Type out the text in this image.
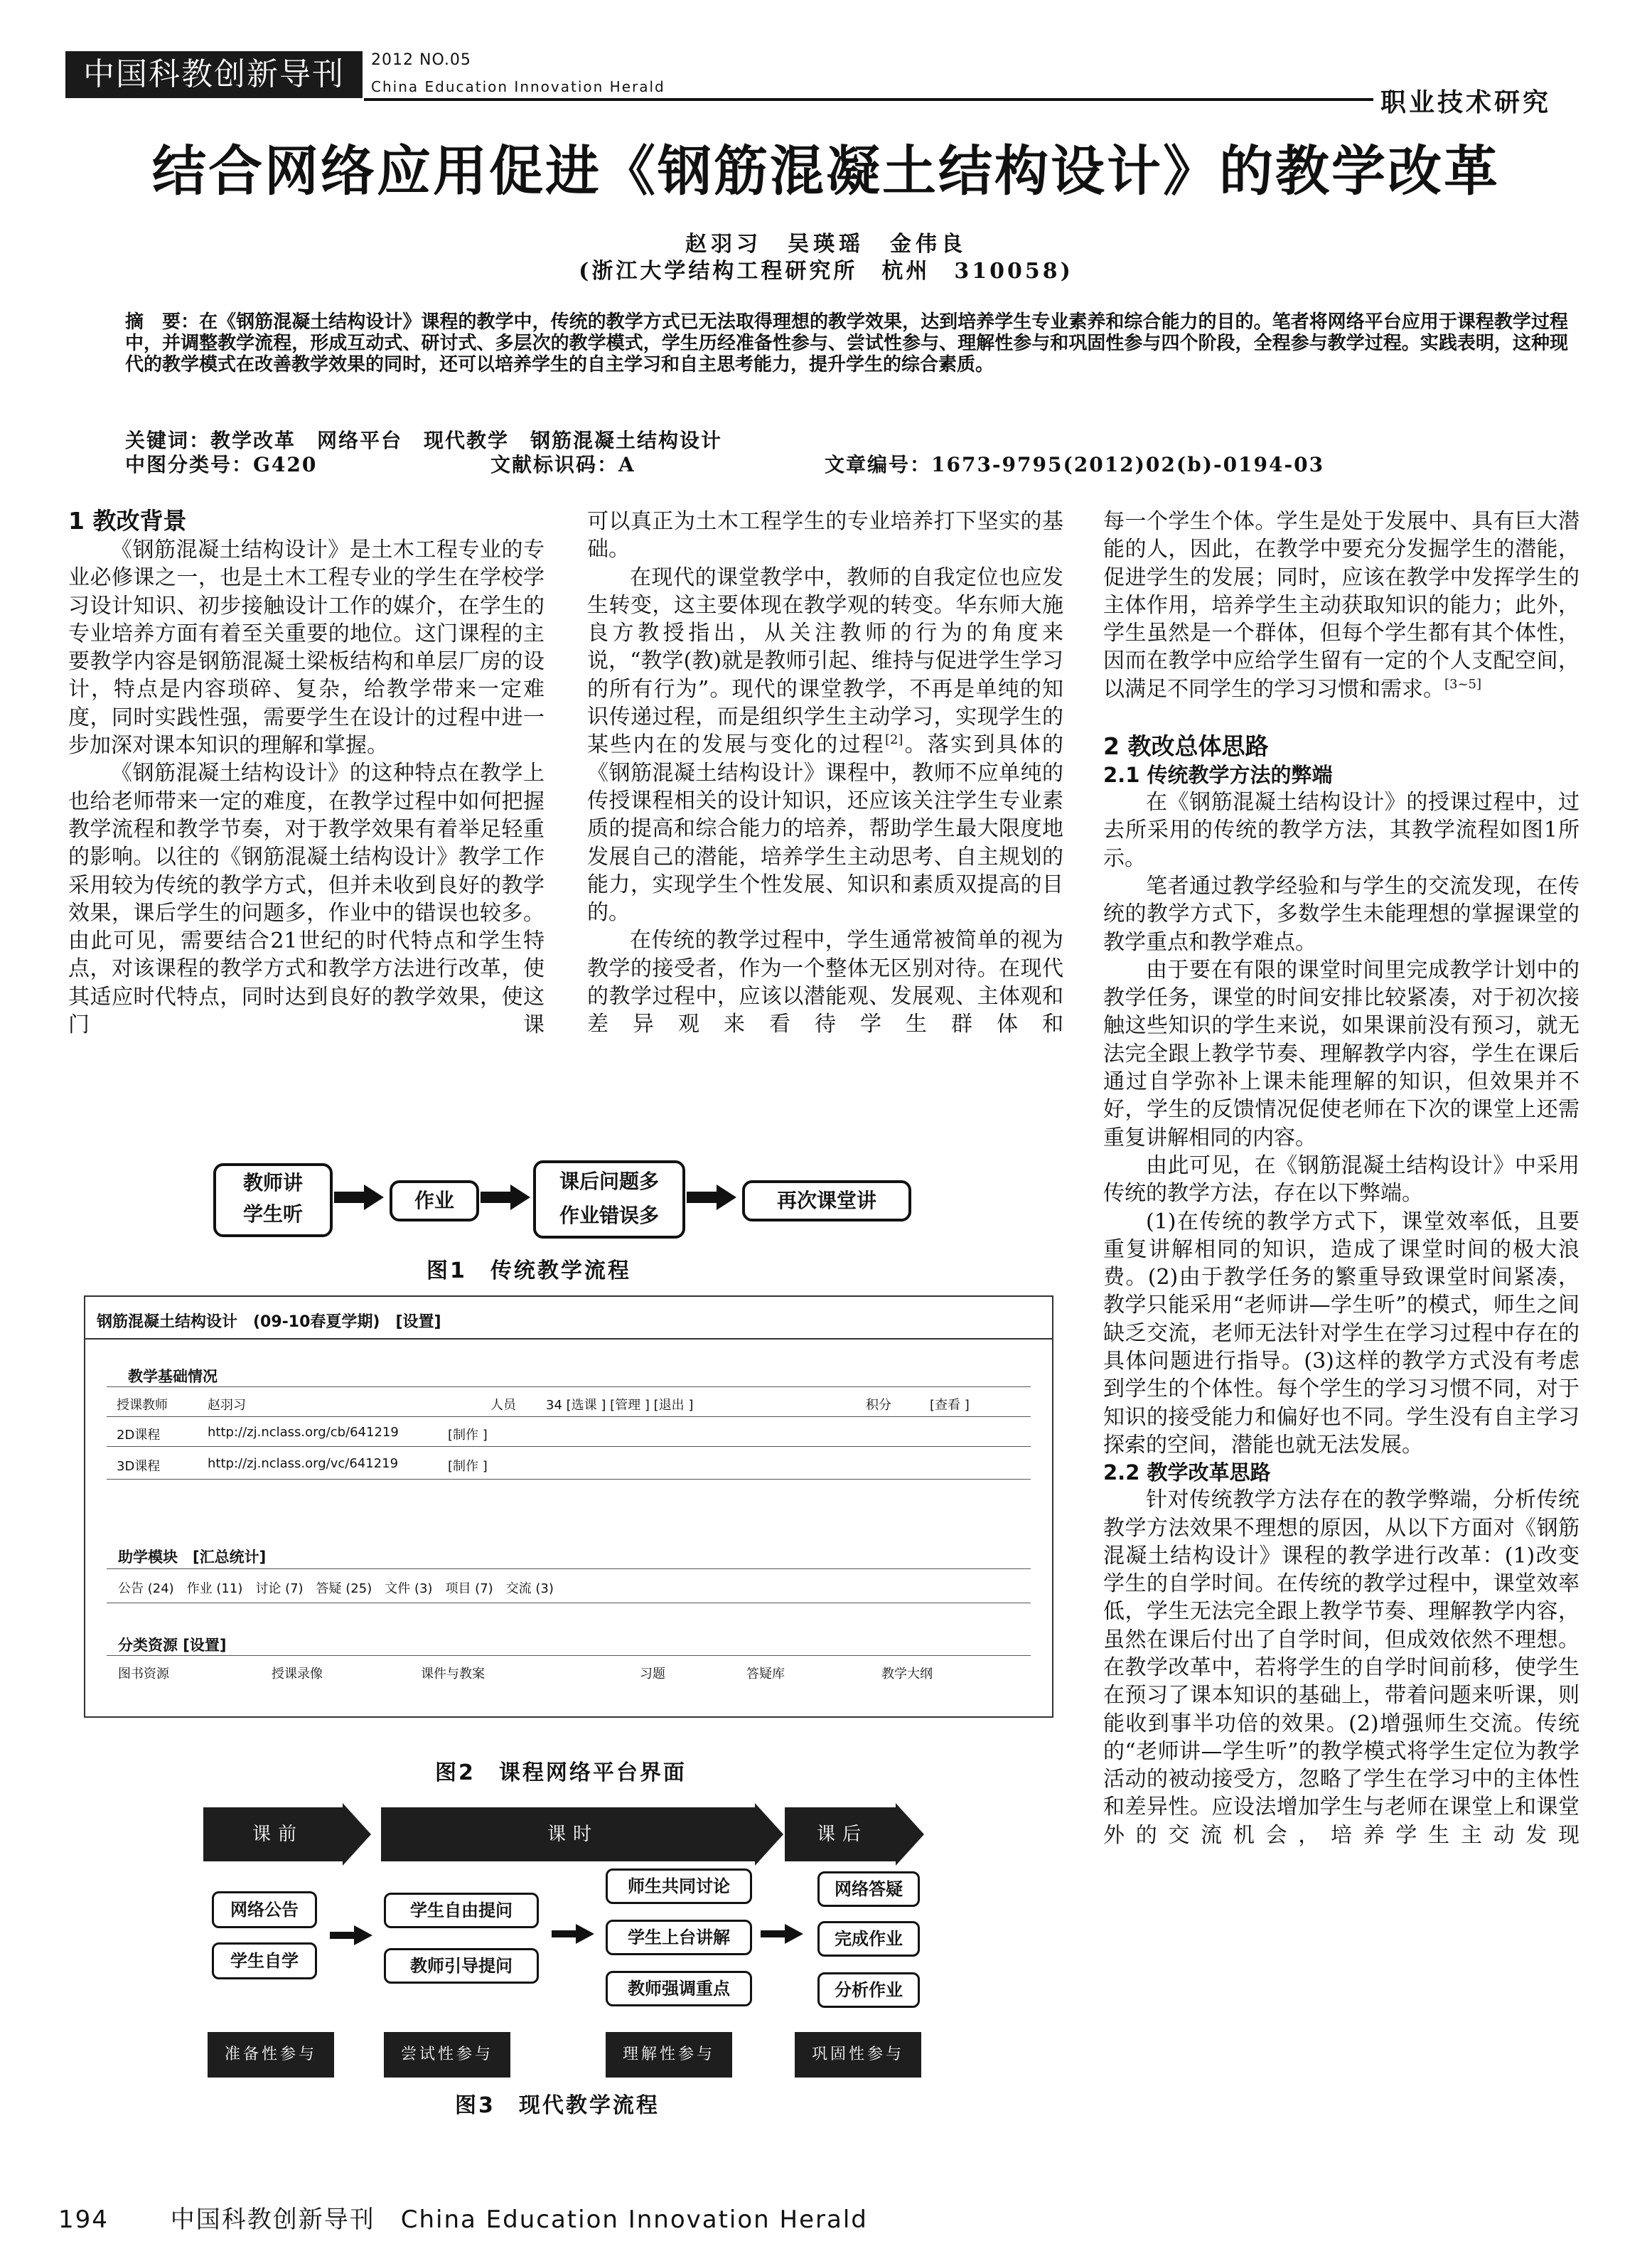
中国科教创新导刊	2012 NO.05
China Education Innovation Herald
职业技术研究
结合网络应用促进《钢筋混凝土结构设计》的教学改革
赵羽习　吴瑛瑶　金伟良
(浙江大学结构工程研究所　杭州　310058)
摘　要：在《钢筋混凝土结构设计》课程的教学中，传统的教学方式已无法取得理想的教学效果，达到培养学生专业素养和综合能力的目的。笔者将网络平台应用于课程教学过程中，并调整教学流程，形成互动式、研讨式、多层次的教学模式，学生历经准备性参与、尝试性参与、理解性参与和巩固性参与四个阶段，全程参与教学过程。实践表明，这种现代的教学模式在改善教学效果的同时，还可以培养学生的自主学习和自主思考能力，提升学生的综合素质。
关键词：教学改革　网络平台　现代教学　钢筋混凝土结构设计
中图分类号：G420	文献标识码：A	文章编号：1673-9795(2012)02(b)-0194-03
1 教改背景

《钢筋混凝土结构设计》是土木工程专业的专业必修课之一，也是土木工程专业的学生在学校学习设计知识、初步接触设计工作的媒介，在学生的专业培养方面有着至关重要的地位。这门课程的主要教学内容是钢筋混凝土梁板结构和单层厂房的设计，特点是内容琐碎、复杂，给教学带来一定难度，同时实践性强，需要学生在设计的过程中进一步加深对课本知识的理解和掌握。

《钢筋混凝土结构设计》的这种特点在教学上也给老师带来一定的难度，在教学过程中如何把握教学流程和教学节奏，对于教学效果有着举足轻重的影响。以往的《钢筋混凝土结构设计》教学工作采用较为传统的教学方式，但并未收到良好的教学效果，课后学生的问题多，作业中的错误也较多。由此可见，需要结合21世纪的时代特点和学生特点，对该课程的教学方式和教学方法进行改革，使其适应时代特点，同时达到良好的教学效果，使这门课

可以真正为土木工程学生的专业培养打下坚实的基础。

在现代的课堂教学中，教师的自我定位也应发生转变，这主要体现在教学观的转变。华东师大施良方教授指出，从关注教师的行为的角度来说，“教学(教)就是教师引起、维持与促进学生学习的所有行为”。现代的课堂教学，不再是单纯的知识传递过程，而是组织学生主动学习，实现学生的某些内在的发展与变化的过程[2]。落实到具体的《钢筋混凝土结构设计》课程中，教师不应单纯的传授课程相关的设计知识，还应该关注学生专业素质的提高和综合能力的培养，帮助学生最大限度地发展自己的潜能，培养学生主动思考、自主规划的能力，实现学生个性发展、知识和素质双提高的目的。

在传统的教学过程中，学生通常被简单的视为教学的接受者，作为一个整体无区别对待。在现代的教学过程中，应该以潜能观、发展观、主体观和差异观来看待学生群体和

每一个学生个体。学生是处于发展中、具有巨大潜能的人，因此，在教学中要充分发掘学生的潜能，促进学生的发展；同时，应该在教学中发挥学生的主体作用，培养学生主动获取知识的能力；此外，学生虽然是一个群体，但每个学生都有其个体性，因而在教学中应给学生留有一定的个人支配空间，以满足不同学生的学习习惯和需求。[3~5]

2 教改总体思路
2.1 传统教学方法的弊端

在《钢筋混凝土结构设计》的授课过程中，过去所采用的传统的教学方法，其教学流程如图1所示。

笔者通过教学经验和与学生的交流发现，在传统的教学方式下，多数学生未能理想的掌握课堂的教学重点和教学难点。

由于要在有限的课堂时间里完成教学计划中的教学任务，课堂的时间安排比较紧凑，对于初次接触这些知识的学生来说，如果课前没有预习，就无法完全跟上教学节奏、理解教学内容，学生在课后通过自学弥补上课未能理解的知识，但效果并不好，学生的反馈情况促使老师在下次的课堂上还需重复讲解相同的内容。

由此可见，在《钢筋混凝土结构设计》中采用传统的教学方法，存在以下弊端。

(1)在传统的教学方式下，课堂效率低，且要重复讲解相同的知识，造成了课堂时间的极大浪费。(2)由于教学任务的繁重导致课堂时间紧凑，教学只能采用“老师讲—学生听”的模式，师生之间缺乏交流，老师无法针对学生在学习过程中存在的具体问题进行指导。(3)这样的教学方式没有考虑到学生的个体性。每个学生的学习习惯不同，对于知识的接受能力和偏好也不同。学生没有自主学习探索的空间，潜能也就无法发展。

2.2 教学改革思路

针对传统教学方法存在的教学弊端，分析传统教学方法效果不理想的原因，从以下方面对《钢筋混凝土结构设计》课程的教学进行改革：(1)改变学生的自学时间。在传统的教学过程中，课堂效率低，学生无法完全跟上教学节奏、理解教学内容，虽然在课后付出了自学时间，但成效依然不理想。在教学改革中，若将学生的自学时间前移，使学生在预习了课本知识的基础上，带着问题来听课，则能收到事半功倍的效果。(2)增强师生交流。传统的“老师讲—学生听”的教学模式将学生定位为教学活动的被动接受方，忽略了学生在学习中的主体性和差异性。应设法增加学生与老师在课堂上和课堂外的交流机会，培养学生主动发现

教师讲
学生听
作业
课后问题多
作业错误多
再次课堂讲
图1　传统教学流程
钢筋混凝土结构设计　(09-10春夏学期)　[设置]
教学基础情况
授课教师	赵羽习	人员 34 [选课 ] [管理 ] [退出 ]	积分	[查看 ]
2D课程	http://zj.nclass.org/cb/641219	[制作 ]
3D课程	http://zj.nclass.org/vc/641219	[制作 ]
助学模块　[汇总统计]
公告 (24)　作业 (11)　讨论 (7)　答疑 (25)　文件 (3)　项目 (7)　交流 (3)
分类资源 [设置]
图书资源	授课录像	课件与教案	习题	答疑库	教学大纲
图2　课程网络平台界面
课前	课时	课后
网络公告
学生自学
学生自由提问
教师引导提问
师生共同讨论
学生上台讲解
教师强调重点
网络答疑
完成作业
分析作业
准备性参与	尝试性参与	理解性参与	巩固性参与
图3　现代教学流程
194	中国科教创新导刊　China Education Innovation Herald
